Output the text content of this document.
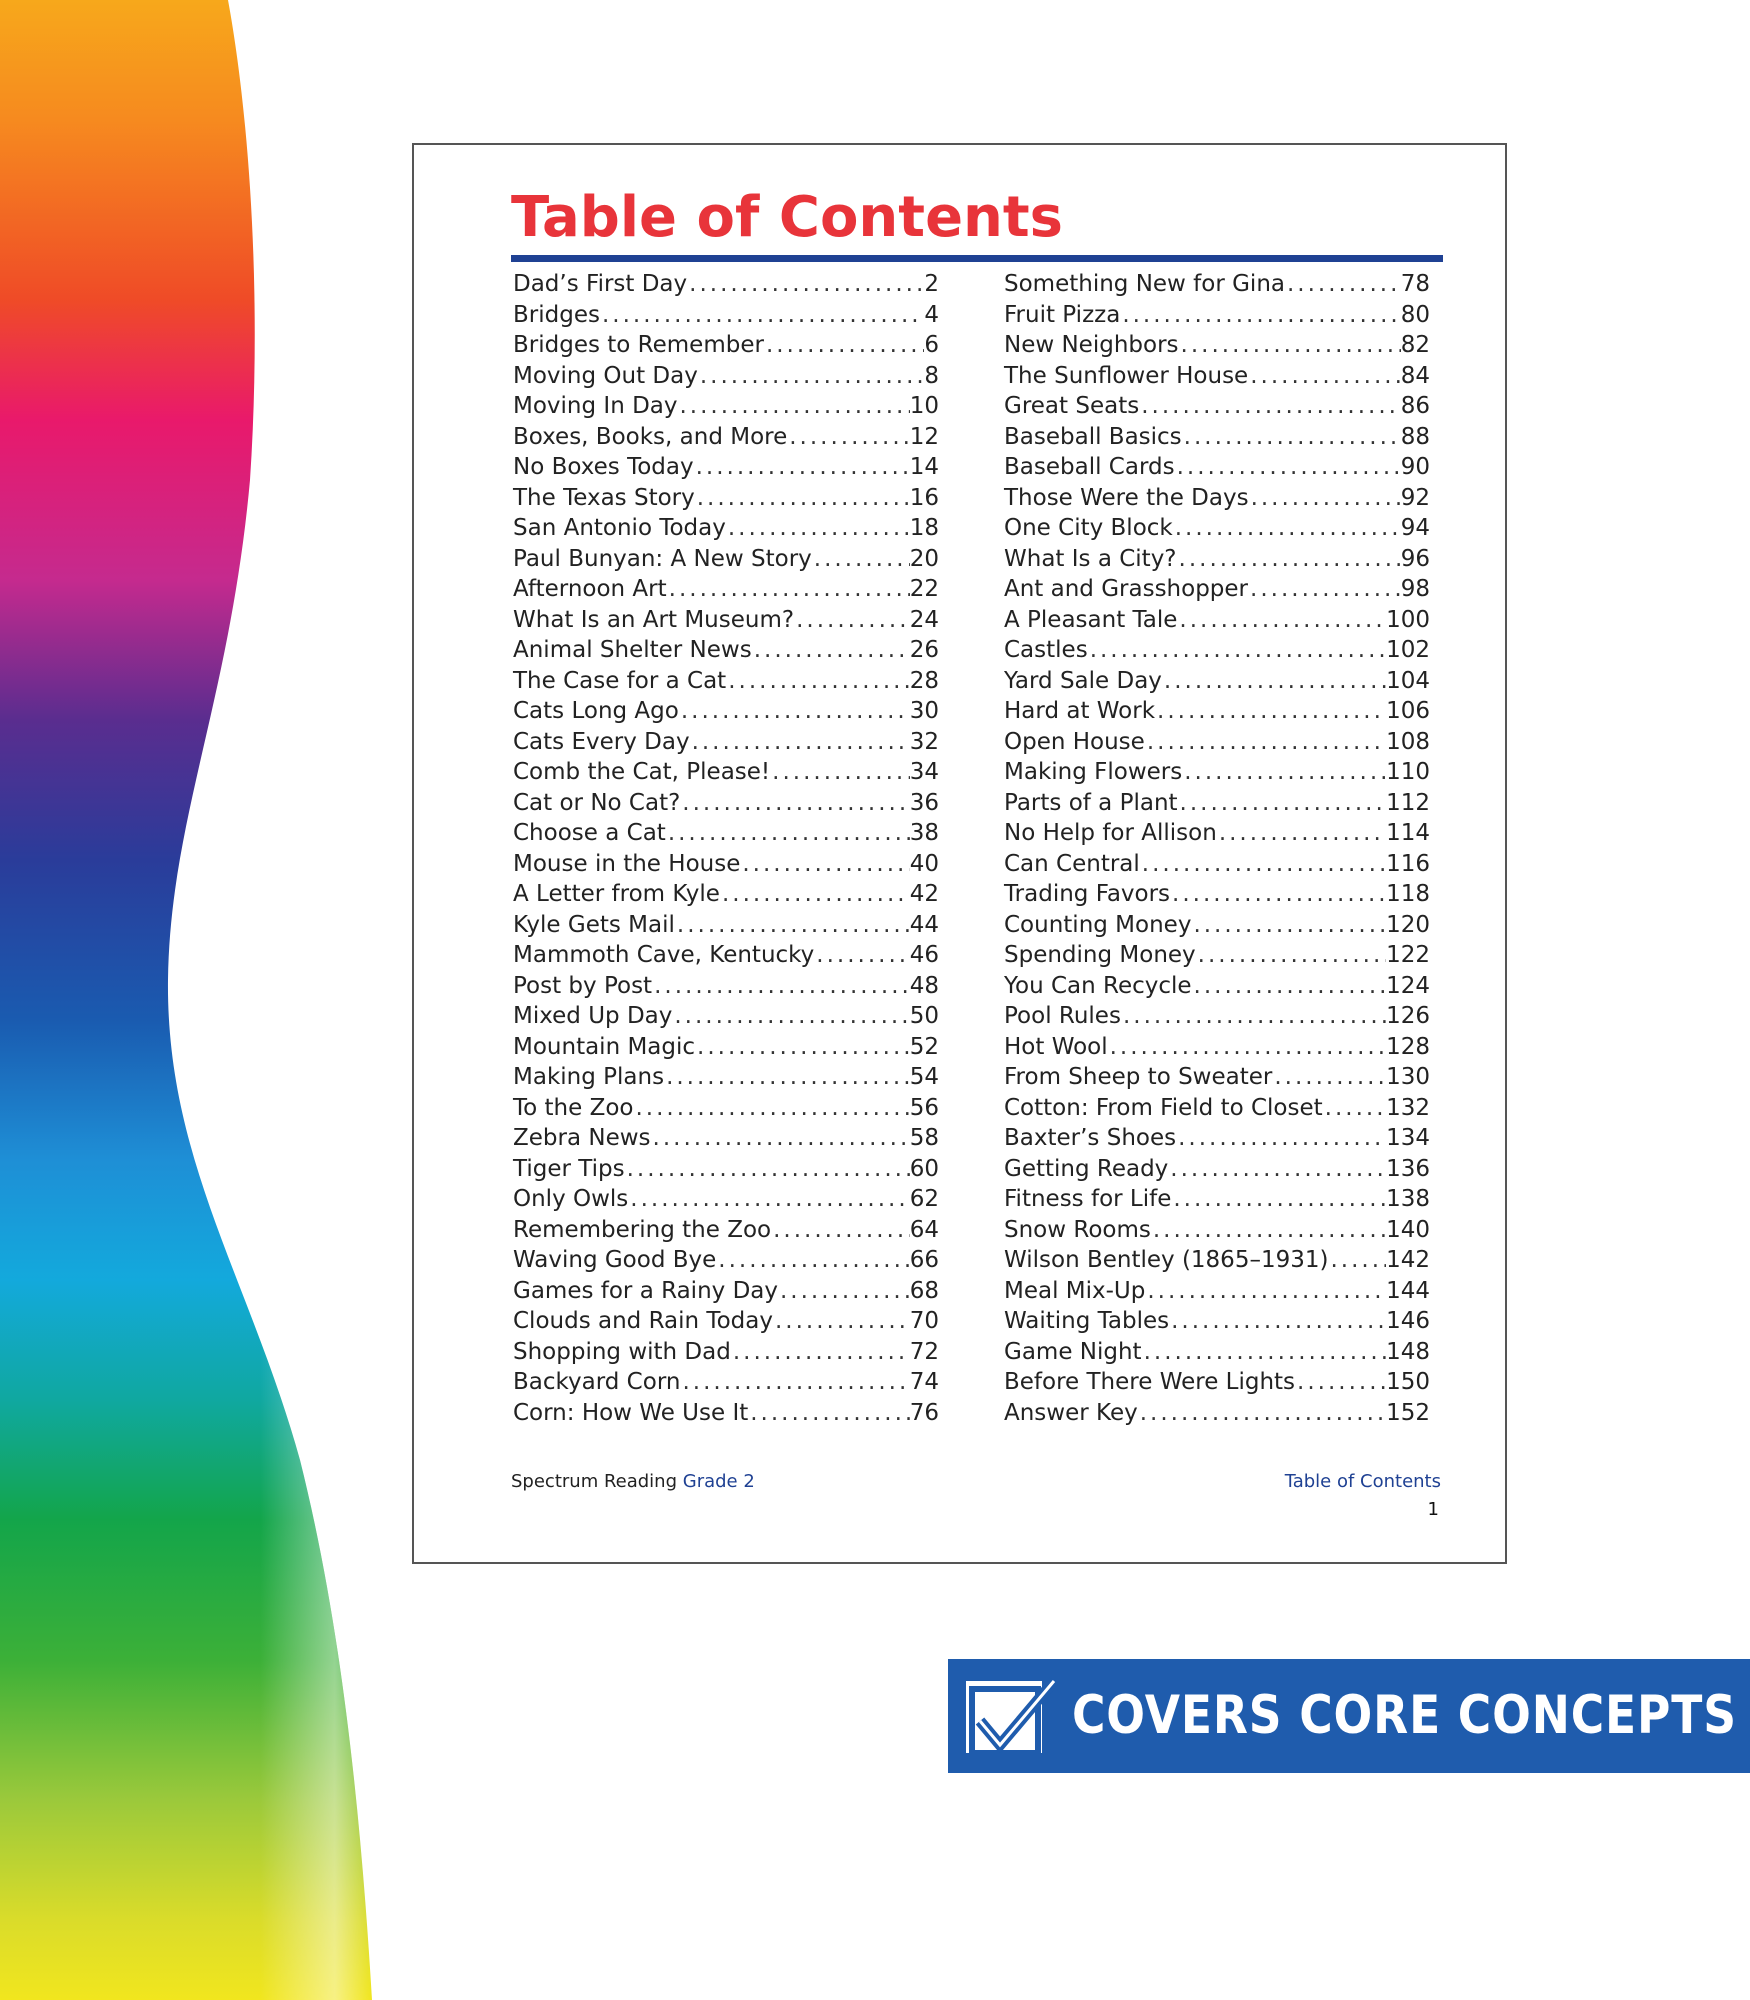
Table of Contents
Dad’s First Day .....	2
Bridges .....	4
Bridges to Remember .....	6
Moving Out Day .....	8
Moving In Day .....	10
Boxes, Books, and More .....	12
No Boxes Today .....	14
The Texas Story .....	16
San Antonio Today .....	18
Paul Bunyan: A New Story .....	20
Afternoon Art .....	22
What Is an Art Museum? .....	24
Animal Shelter News .....	26
The Case for a Cat .....	28
Cats Long Ago .....	30
Cats Every Day .....	32
Comb the Cat, Please! .....	34
Cat or No Cat? .....	36
Choose a Cat .....	38
Mouse in the House .....	40
A Letter from Kyle .....	42
Kyle Gets Mail .....	44
Mammoth Cave, Kentucky .....	46
Post by Post .....	48
Mixed Up Day .....	50
Mountain Magic .....	52
Making Plans .....	54
To the Zoo .....	56
Zebra News .....	58
Tiger Tips .....	60
Only Owls .....	62
Remembering the Zoo .....	64
Waving Good Bye .....	66
Games for a Rainy Day .....	68
Clouds and Rain Today .....	70
Shopping with Dad .....	72
Backyard Corn .....	74
Corn: How We Use It .....	76
Something New for Gina .....	78
Fruit Pizza .....	80
New Neighbors .....	82
The Sunflower House .....	84
Great Seats .....	86
Baseball Basics .....	88
Baseball Cards .....	90
Those Were the Days .....	92
One City Block .....	94
What Is a City? .....	96
Ant and Grasshopper .....	98
A Pleasant Tale .....	100
Castles .....	102
Yard Sale Day .....	104
Hard at Work .....	106
Open House .....	108
Making Flowers .....	110
Parts of a Plant .....	112
No Help for Allison .....	114
Can Central .....	116
Trading Favors .....	118
Counting Money .....	120
Spending Money .....	122
You Can Recycle .....	124
Pool Rules .....	126
Hot Wool .....	128
From Sheep to Sweater .....	130
Cotton: From Field to Closet .....	132
Baxter’s Shoes .....	134
Getting Ready .....	136
Fitness for Life .....	138
Snow Rooms .....	140
Wilson Bentley (1865–1931) .....	142
Meal Mix-Up .....	144
Waiting Tables .....	146
Game Night .....	148
Before There Were Lights .....	150
Answer Key .....	152
Spectrum Reading Grade 2	Table of Contents
1
COVERS CORE CONCEPTS
